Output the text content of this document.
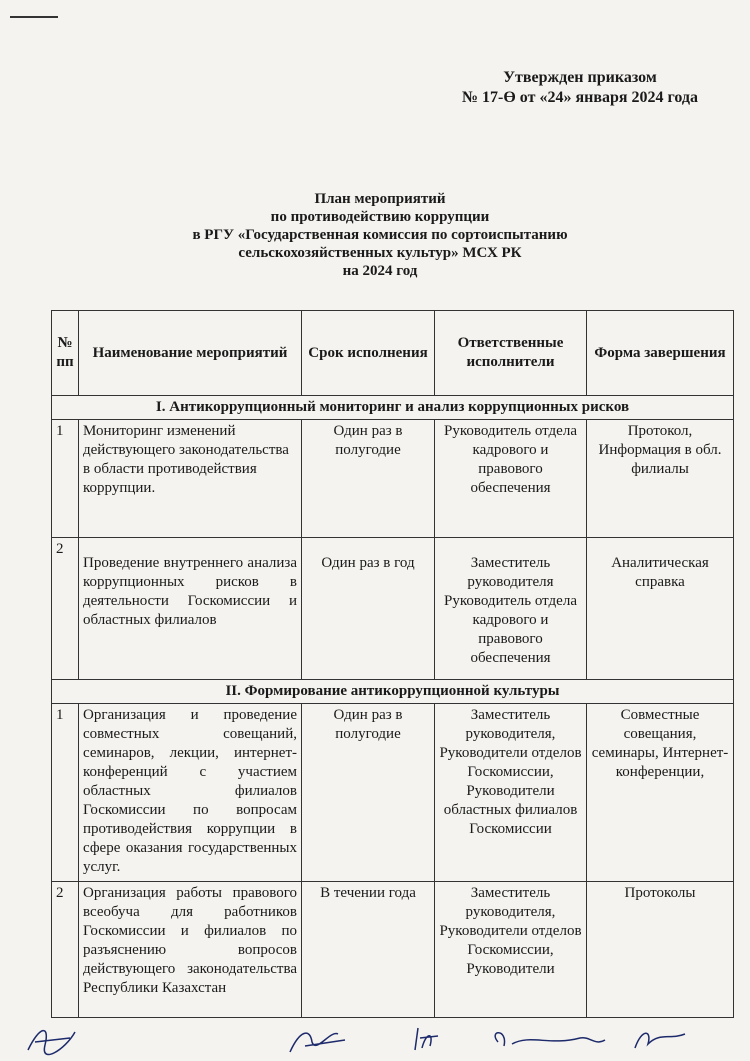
Утвержден приказом
№ 17-Ө от «24» января 2024 года
План мероприятий
по противодействию коррупции
в РГУ «Государственная комиссия по сортоиспытанию
сельскохозяйственных культур» МСХ РК
на 2024 год
№ пп	Наименование мероприятий	Срок исполнения	Ответственные исполнители	Форма завершения
I. Антикоррупционный мониторинг и анализ коррупционных рисков				
1	Мониторинг изменений действующего законодательства в области противодействия коррупции.	Один раз в полугодие	Руководитель отдела кадрового и правового обеспечения	Протокол, Информация в обл. филиалы
2	Проведение внутреннего анализа коррупционных рисков в деятельности Госкомиссии и областных филиалов	Один раз в год	Заместитель руководителя Руководитель отдела кадрового и правового обеспечения	Аналитическая справка
II. Формирование антикоррупционной культуры				
1	Организация и проведение совместных совещаний, семинаров, лекции, интернет-конференций с участием областных филиалов Госкомиссии по вопросам противодействия коррупции в сфере оказания государственных услуг.	Один раз в полугодие	Заместитель руководителя, Руководители отделов Госкомиссии, Руководители областных филиалов Госкомиссии	Совместные совещания, семинары, Интернет-конференции,
2	Организация работы правового всеобуча для работников Госкомиссии и филиалов по разъяснению вопросов действующего законодательства Республики Казахстан	В течении года	Заместитель руководителя, Руководители отделов Госкомиссии, Руководители	Протоколы
